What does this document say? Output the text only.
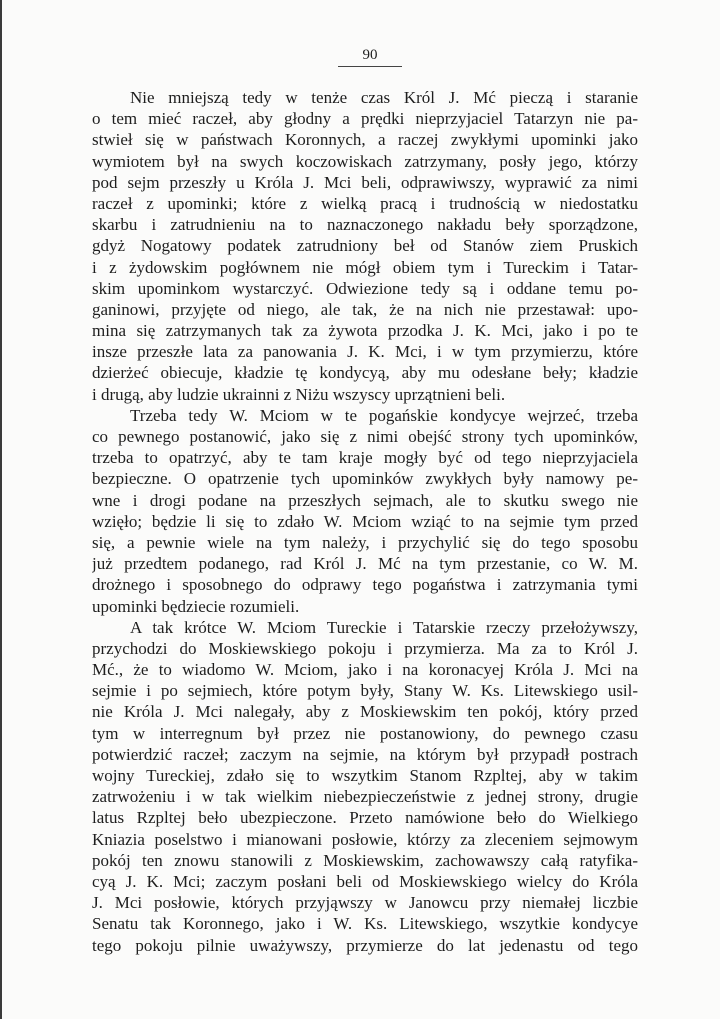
90
Nie mniejszą tedy w tenże czas Król J. Mć pieczą i staranie
o tem mieć raczeł, aby głodny a prędki nieprzyjaciel Tatarzyn nie pa-
stwieł się w państwach Koronnych, a raczej zwykłymi upominki jako
wymiotem był na swych koczowiskach zatrzymany, posły jego, którzy
pod sejm przeszły u Króla J. Mci beli, odprawiwszy, wyprawić za nimi
raczeł z upominki; które z wielką pracą i trudnością w niedostatku
skarbu i zatrudnieniu na to naznaczonego nakładu beły sporządzone,
gdyż Nogatowy podatek zatrudniony beł od Stanów ziem Pruskich
i z żydowskim pogłównem nie mógł obiem tym i Tureckim i Tatar-
skim upominkom wystarczyć. Odwiezione tedy są i oddane temu po-
ganinowi, przyjęte od niego, ale tak, że na nich nie przestawał: upo-
mina się zatrzymanych tak za żywota przodka J. K. Mci, jako i po te
insze przeszłe lata za panowania J. K. Mci, i w tym przymierzu, które
dzierżeć obiecuje, kładzie tę kondycyą, aby mu odesłane beły; kładzie
i drugą, aby ludzie ukrainni z Niżu wszyscy uprzątnieni beli.
Trzeba tedy W. Mciom w te pogańskie kondycye wejrzeć, trzeba
co pewnego postanowić, jako się z nimi obejść strony tych upominków,
trzeba to opatrzyć, aby te tam kraje mogły być od tego nieprzyjaciela
bezpieczne. O opatrzenie tych upominków zwykłych były namowy pe-
wne i drogi podane na przeszłych sejmach, ale to skutku swego nie
wzięło; będzie li się to zdało W. Mciom wziąć to na sejmie tym przed
się, a pewnie wiele na tym należy, i przychylić się do tego sposobu
już przedtem podanego, rad Król J. Mć na tym przestanie, co W. M.
drożnego i sposobnego do odprawy tego pogaństwa i zatrzymania tymi
upominki będziecie rozumieli.
A tak krótce W. Mciom Tureckie i Tatarskie rzeczy przełożywszy,
przychodzi do Moskiewskiego pokoju i przymierza. Ma za to Król J.
Mć., że to wiadomo W. Mciom, jako i na koronacyej Króla J. Mci na
sejmie i po sejmiech, które potym były, Stany W. Ks. Litewskiego usil-
nie Króla J. Mci nalegały, aby z Moskiewskim ten pokój, który przed
tym w interregnum był przez nie postanowiony, do pewnego czasu
potwierdzić raczeł; zaczym na sejmie, na którym był przypadł postrach
wojny Tureckiej, zdało się to wszytkim Stanom Rzpltej, aby w takim
zatrwożeniu i w tak wielkim niebezpieczeństwie z jednej strony, drugie
latus Rzpltej beło ubezpieczone. Przeto namówione beło do Wielkiego
Kniazia poselstwo i mianowani posłowie, którzy za zleceniem sejmowym
pokój ten znowu stanowili z Moskiewskim, zachowawszy całą ratyfika-
cyą J. K. Mci; zaczym posłani beli od Moskiewskiego wielcy do Króla
J. Mci posłowie, których przyjąwszy w Janowcu przy niemałej liczbie
Senatu tak Koronnego, jako i W. Ks. Litewskiego, wszytkie kondycye
tego pokoju pilnie uważywszy, przymierze do lat jedenastu od tego
